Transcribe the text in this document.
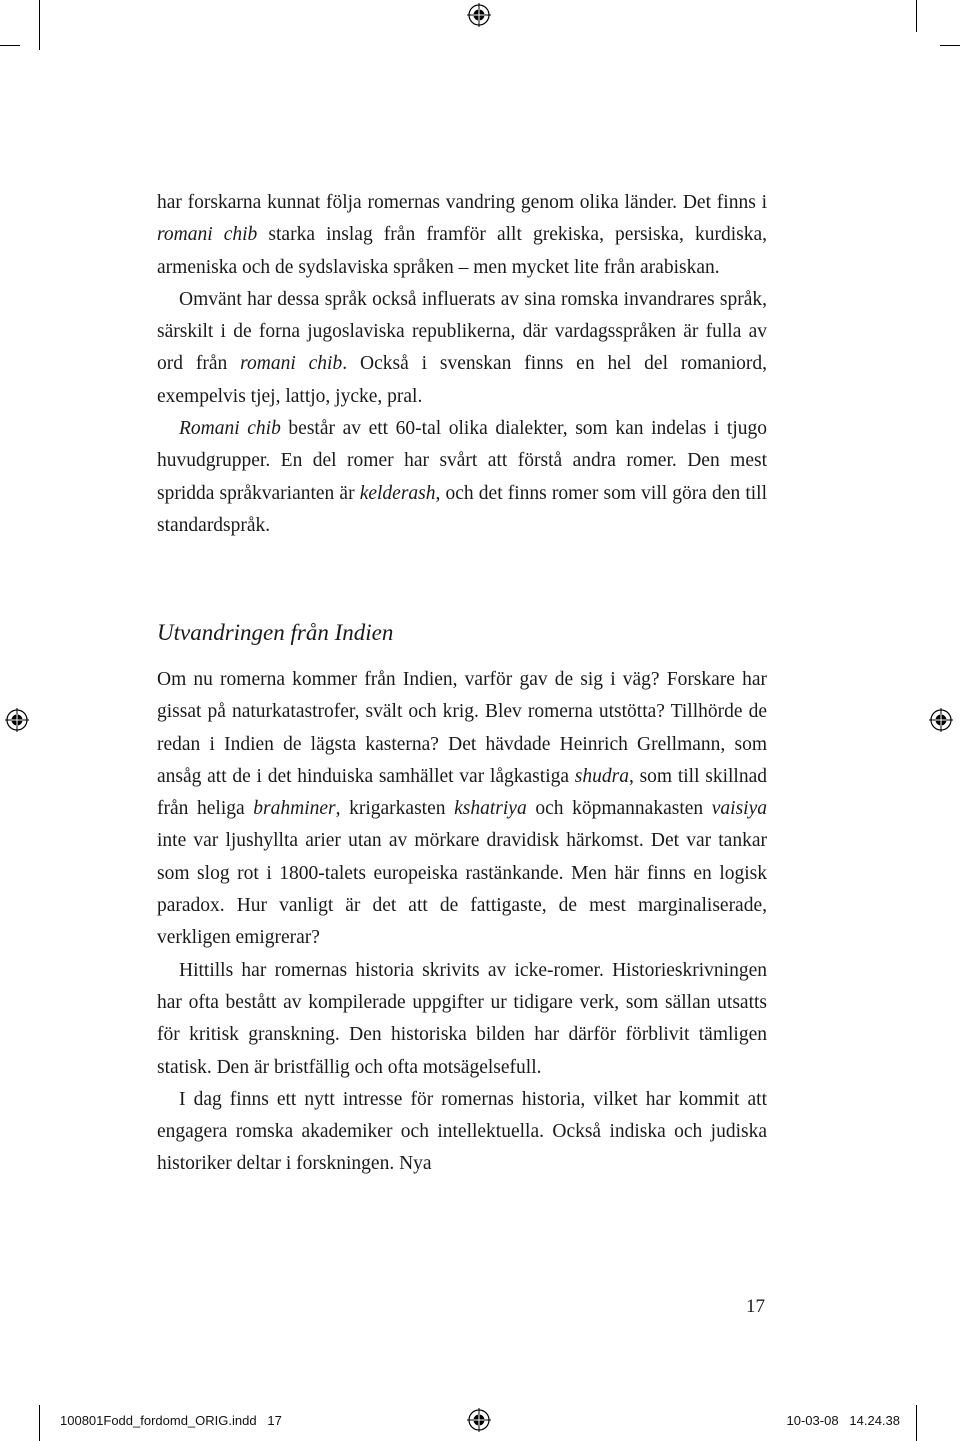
har forskarna kunnat följa romernas vandring genom olika länder. Det finns i romani chib starka inslag från framför allt grekiska, persiska, kurdiska, armeniska och de sydslaviska språken – men mycket lite från arabiskan.

Omvänt har dessa språk också influerats av sina romska invandrares språk, särskilt i de forna jugoslaviska republikerna, där vardagsspråken är fulla av ord från romani chib. Också i svenskan finns en hel del romaniord, exempelvis tjej, lattjo, jycke, pral.

Romani chib består av ett 60-tal olika dialekter, som kan indelas i tjugo huvudgrupper. En del romer har svårt att förstå andra romer. Den mest spridda språkvarianten är kelderash, och det finns romer som vill göra den till standardspråk.

Utvandringen från Indien

Om nu romerna kommer från Indien, varför gav de sig i väg? Forskare har gissat på naturkatastrofer, svält och krig. Blev romerna utstötta? Tillhörde de redan i Indien de lägsta kasterna? Det hävdade Heinrich Grellmann, som ansåg att de i det hinduiska samhället var lågkastiga shudra, som till skillnad från heliga brahminer, krigarkasten kshatriya och köpmannakasten vaisiya inte var ljushyllta arier utan av mörkare dravidisk härkomst. Det var tankar som slog rot i 1800-talets europeiska rastänkande. Men här finns en logisk paradox. Hur vanligt är det att de fattigaste, de mest marginaliserade, verkligen emigrerar?

Hittills har romernas historia skrivits av icke-romer. Historieskrivningen har ofta bestått av kompilerade uppgifter ur tidigare verk, som sällan utsatts för kritisk granskning. Den historiska bilden har därför förblivit tämligen statisk. Den är bristfällig och ofta motsägelsefull.

I dag finns ett nytt intresse för romernas historia, vilket har kommit att engagera romska akademiker och intellektuella. Också indiska och judiska historiker deltar i forskningen. Nya

17
100801Fodd_fordomd_ORIG.indd   17	10-03-08   14.24.38
